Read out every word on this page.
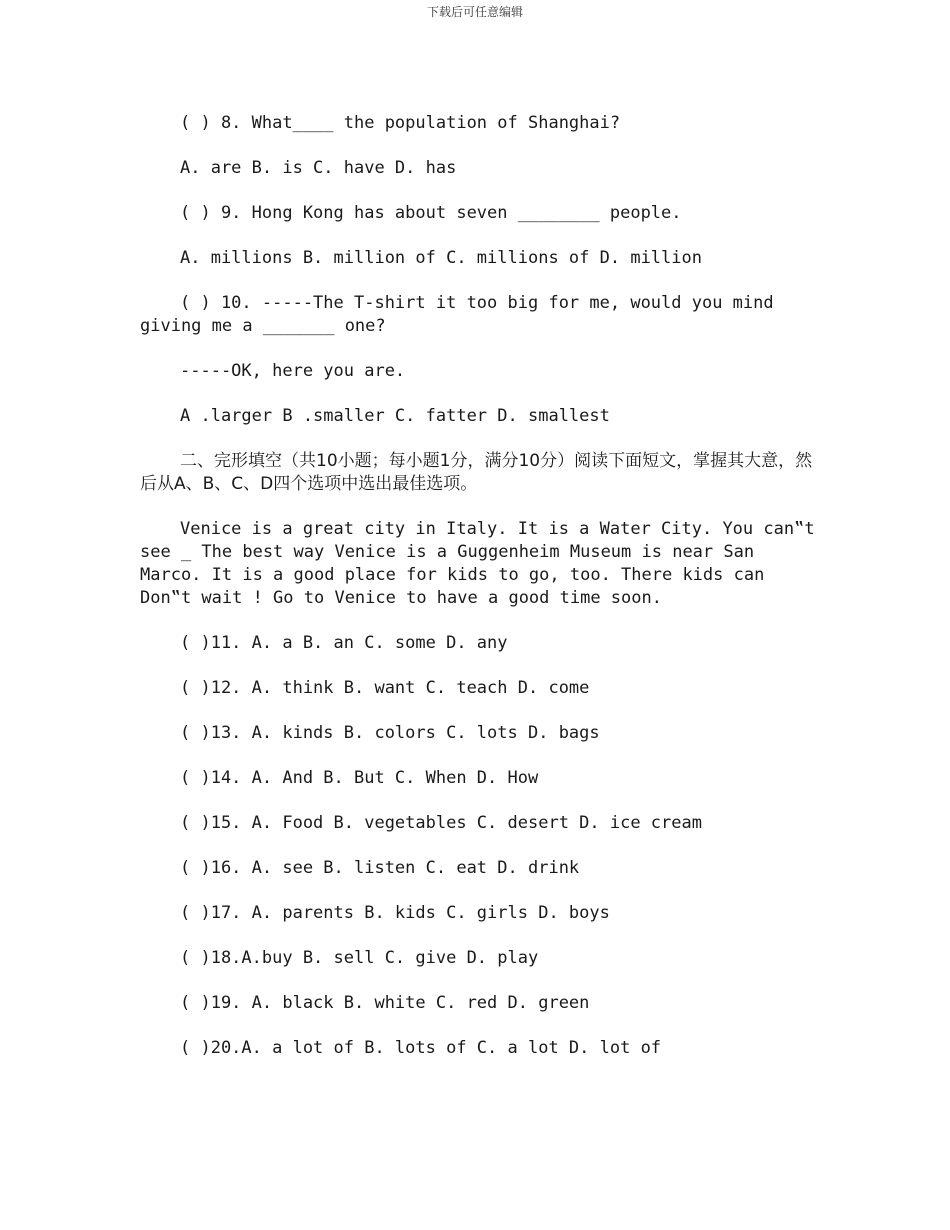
下载后可任意编辑

( ) 8. What____ the population of Shanghai?

A. are B. is C. have D. has

( ) 9. Hong Kong has about seven ________ people.

A. millions B. million of C. millions of D. million

( ) 10. -----The T-shirt it too big for me, would you mind giving me a _______ one?

-----OK, here you are.

A .larger B .smaller C. fatter D. smallest

二、完形填空（共10小题；每小题1分，满分10分）阅读下面短文，掌握其大意，然后从A、B、C、D四个选项中选出最佳选项。

Venice is a great city in Italy. It is a Water City. You can‟t see _ The best way Venice is a Guggenheim Museum is near San Marco. It is a good place for kids to go, too. There kids can Don‟t wait ! Go to Venice to have a good time soon.

( )11. A. a B. an C. some D. any

( )12. A. think B. want C. teach D. come

( )13. A. kinds B. colors C. lots D. bags

( )14. A. And B. But C. When D. How

( )15. A. Food B. vegetables C. desert D. ice cream

( )16. A. see B. listen C. eat D. drink

( )17. A. parents B. kids C. girls D. boys

( )18.A.buy B. sell C. give D. play

( )19. A. black B. white C. red D. green

( )20.A. a lot of B. lots of C. a lot D. lot of
